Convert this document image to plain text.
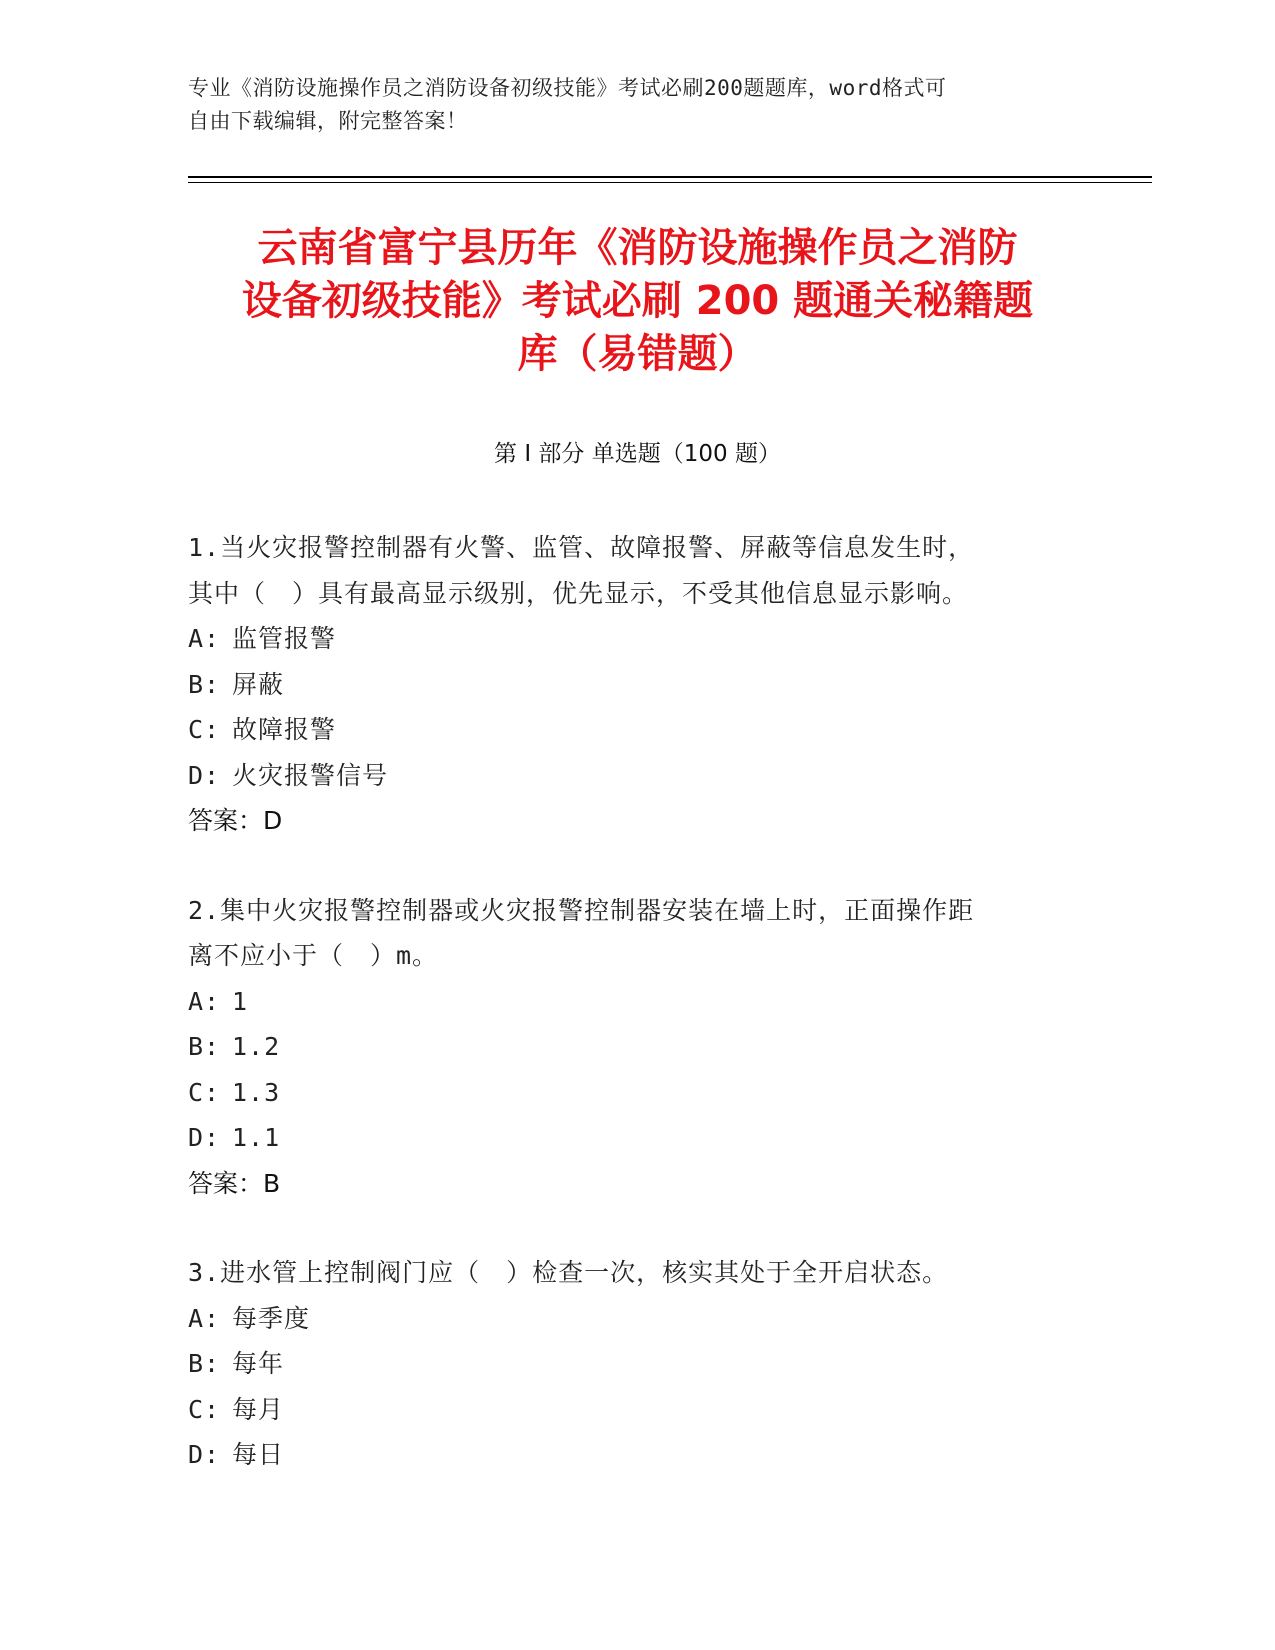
专业《消防设施操作员之消防设备初级技能》考试必刷200题题库，word格式可
自由下载编辑，附完整答案！
云南省富宁县历年《消防设施操作员之消防
设备初级技能》考试必刷 200 题通关秘籍题
库（易错题）
第 I 部分 单选题（100 题）
1.当火灾报警控制器有火警、监管、故障报警、屏蔽等信息发生时，
其中（　）具有最高显示级别，优先显示，不受其他信息显示影响。
A: 监管报警
B: 屏蔽
C: 故障报警
D: 火灾报警信号
答案：D
2.集中火灾报警控制器或火灾报警控制器安装在墙上时，正面操作距
离不应小于（　）m。
A: 1
B: 1.2
C: 1.3
D: 1.1
答案：B
3.进水管上控制阀门应（　）检查一次，核实其处于全开启状态。
A: 每季度
B: 每年
C: 每月
D: 每日
